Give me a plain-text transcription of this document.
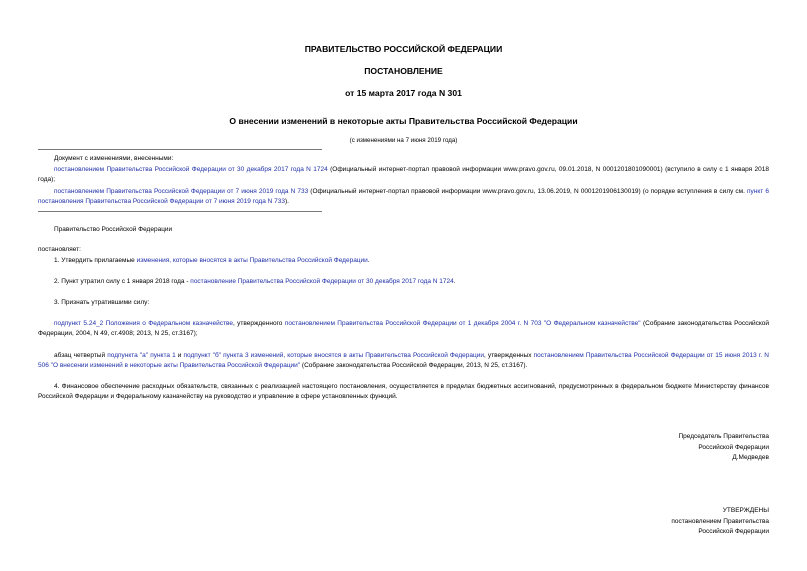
ПРАВИТЕЛЬСТВО РОССИЙСКОЙ ФЕДЕРАЦИИ
ПОСТАНОВЛЕНИЕ
от 15 марта 2017 года N 301
О внесении изменений в некоторые акты Правительства Российской Федерации
(с изменениями на 7 июня 2019 года)
Документ с изменениями, внесенными:
постановлением Правительства Российской Федерации от 30 декабря 2017 года N 1724 (Официальный интернет-портал правовой информации www.pravo.gov.ru, 09.01.2018, N 0001201801090001) (вступило в силу с 1 января 2018 года);
постановлением Правительства Российской Федерации от 7 июня 2019 года N 733 (Официальный интернет-портал правовой информации www.pravo.gov.ru, 13.06.2019, N 0001201906130019) (о порядке вступления в силу см. пункт 6 постановления Правительства Российской Федерации от 7 июня 2019 года N 733).
Правительство Российской Федерации
постановляет:
1. Утвердить прилагаемые изменения, которые вносятся в акты Правительства Российской Федерации.
2. Пункт утратил силу с 1 января 2018 года - постановление Правительства Российской Федерации от 30 декабря 2017 года N 1724.
3. Признать утратившими силу:
подпункт 5.24_2 Положения о Федеральном казначействе, утвержденного постановлением Правительства Российской Федерации от 1 декабря 2004 г. N 703 "О Федеральном казначействе" (Собрание законодательства Российской Федерации, 2004, N 49, ст.4908; 2013, N 25, ст.3167);
абзац четвертый подпункта "а" пункта 1 и подпункт "б" пункта 3 изменений, которые вносятся в акты Правительства Российской Федерации, утвержденных постановлением Правительства Российской Федерации от 15 июня 2013 г. N 506 "О внесении изменений в некоторые акты Правительства Российской Федерации" (Собрание законодательства Российской Федерации, 2013, N 25, ст.3167).
4. Финансовое обеспечение расходных обязательств, связанных с реализацией настоящего постановления, осуществляется в пределах бюджетных ассигнований, предусмотренных в федеральном бюджете Министерству финансов Российской Федерации и Федеральному казначейству на руководство и управление в сфере установленных функций.
Председатель Правительства
Российской Федерации
Д.Медведев
УТВЕРЖДЕНЫ
постановлением Правительства
Российской Федерации
